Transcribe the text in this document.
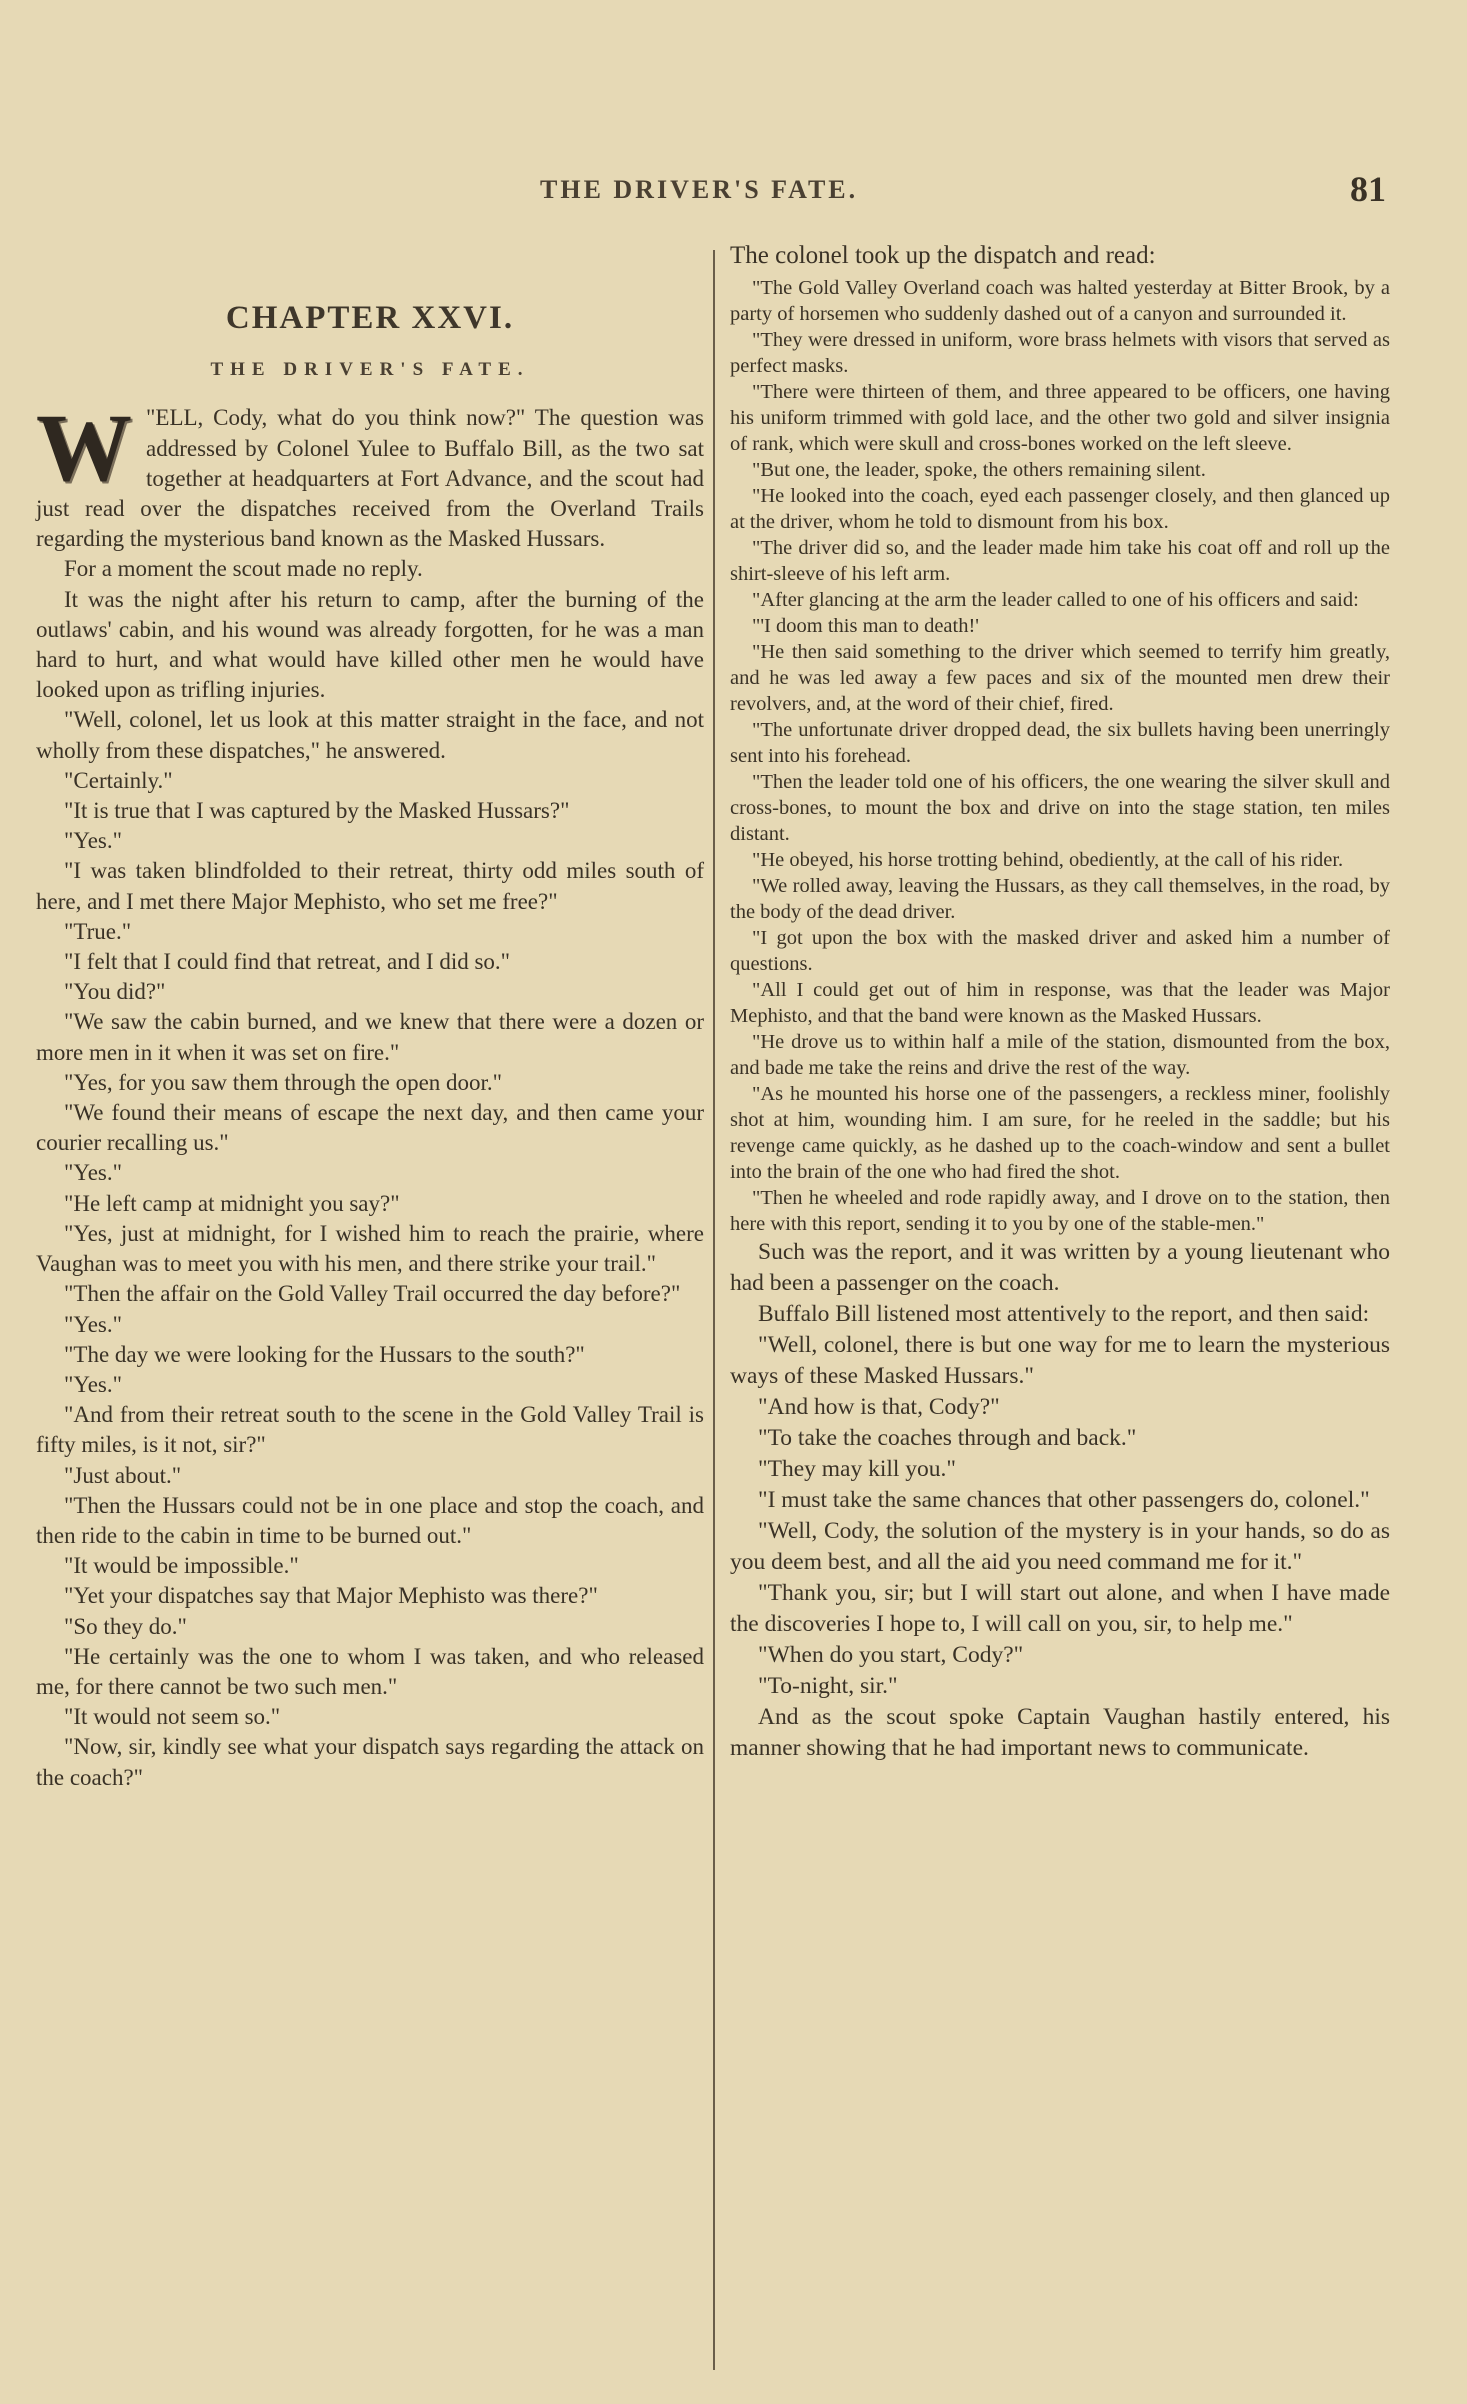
THE DRIVER'S FATE.	81
CHAPTER XXVI.
THE DRIVER'S FATE.

"
W ELL, Cody, what do you think now?" The question was addressed by Colonel Yulee to Buffalo Bill, as the two sat together at headquarters at Fort Advance, and the scout had just read over the dispatches received from the Overland Trails regarding the mysterious band known as the Masked Hussars.

For a moment the scout made no reply.

It was the night after his return to camp, after the burning of the outlaws' cabin, and his wound was already forgotten, for he was a man hard to hurt, and what would have killed other men he would have looked upon as trifling injuries.

"Well, colonel, let us look at this matter straight in the face, and not wholly from these dispatches," he answered.

"Certainly."

"It is true that I was captured by the Masked Hussars?"

"Yes."

"I was taken blindfolded to their retreat, thirty odd miles south of here, and I met there Major Mephisto, who set me free?"

"True."

"I felt that I could find that retreat, and I did so."

"You did?"

"We saw the cabin burned, and we knew that there were a dozen or more men in it when it was set on fire."

"Yes, for you saw them through the open door."

"We found their means of escape the next day, and then came your courier recalling us."

"Yes."

"He left camp at midnight you say?"

"Yes, just at midnight, for I wished him to reach the prairie, where Vaughan was to meet you with his men, and there strike your trail."

"Then the affair on the Gold Valley Trail occurred the day before?"

"Yes."

"The day we were looking for the Hussars to the south?"

"Yes."

"And from their retreat south to the scene in the Gold Valley Trail is fifty miles, is it not, sir?"

"Just about."

"Then the Hussars could not be in one place and stop the coach, and then ride to the cabin in time to be burned out."

"It would be impossible."

"Yet your dispatches say that Major Mephisto was there?"

"So they do."

"He certainly was the one to whom I was taken, and who released me, for there cannot be two such men."

"It would not seem so."

"Now, sir, kindly see what your dispatch says regarding the attack on the coach?"

The colonel took up the dispatch and read:

"The Gold Valley Overland coach was halted yesterday at Bitter Brook, by a party of horsemen who suddenly dashed out of a canyon and surrounded it.

"They were dressed in uniform, wore brass helmets with visors that served as perfect masks.

"There were thirteen of them, and three appeared to be officers, one having his uniform trimmed with gold lace, and the other two gold and silver insignia of rank, which were skull and cross-bones worked on the left sleeve.

"But one, the leader, spoke, the others remaining silent.

"He looked into the coach, eyed each passenger closely, and then glanced up at the driver, whom he told to dismount from his box.

"The driver did so, and the leader made him take his coat off and roll up the shirt-sleeve of his left arm.

"After glancing at the arm the leader called to one of his officers and said:

"'I doom this man to death!'

"He then said something to the driver which seemed to terrify him greatly, and he was led away a few paces and six of the mounted men drew their revolvers, and, at the word of their chief, fired.

"The unfortunate driver dropped dead, the six bullets having been unerringly sent into his forehead.

"Then the leader told one of his officers, the one wearing the silver skull and cross-bones, to mount the box and drive on into the stage station, ten miles distant.

"He obeyed, his horse trotting behind, obediently, at the call of his rider.

"We rolled away, leaving the Hussars, as they call themselves, in the road, by the body of the dead driver.

"I got upon the box with the masked driver and asked him a number of questions.

"All I could get out of him in response, was that the leader was Major Mephisto, and that the band were known as the Masked Hussars.

"He drove us to within half a mile of the station, dismounted from the box, and bade me take the reins and drive the rest of the way.

"As he mounted his horse one of the passengers, a reckless miner, foolishly shot at him, wounding him. I am sure, for he reeled in the saddle; but his revenge came quickly, as he dashed up to the coach-window and sent a bullet into the brain of the one who had fired the shot.

"Then he wheeled and rode rapidly away, and I drove on to the station, then here with this report, sending it to you by one of the stable-men."

Such was the report, and it was written by a young lieutenant who had been a passenger on the coach.

Buffalo Bill listened most attentively to the report, and then said:

"Well, colonel, there is but one way for me to learn the mysterious ways of these Masked Hussars."

"And how is that, Cody?"

"To take the coaches through and back."

"They may kill you."

"I must take the same chances that other passengers do, colonel."

"Well, Cody, the solution of the mystery is in your hands, so do as you deem best, and all the aid you need command me for it."

"Thank you, sir; but I will start out alone, and when I have made the discoveries I hope to, I will call on you, sir, to help me."

"When do you start, Cody?"

"To-night, sir."

And as the scout spoke Captain Vaughan hastily entered, his manner showing that he had important news to communicate.
